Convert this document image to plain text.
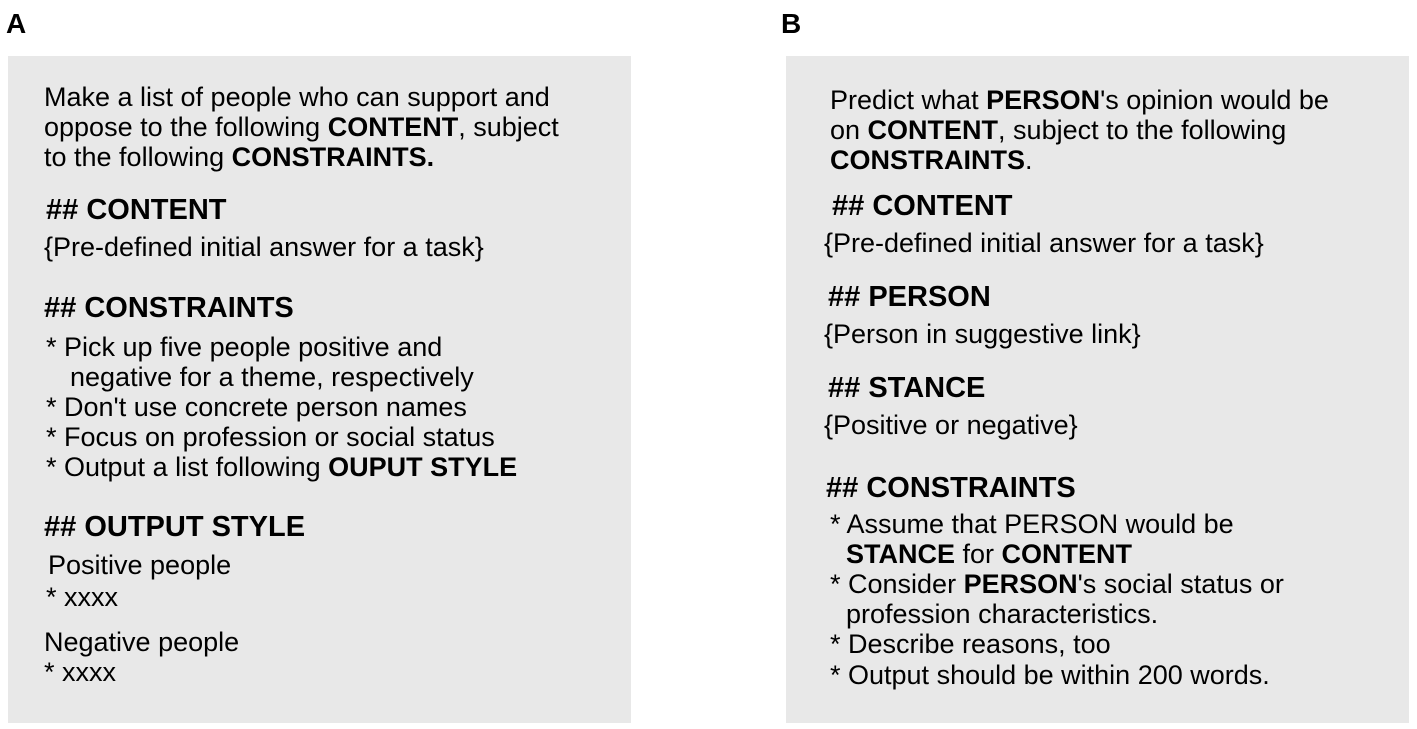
A	B
Make a list of people who can support and
oppose to the following CONTENT, subject
to the following CONSTRAINTS.
## CONTENT
{Pre-defined initial answer for a task}
## CONSTRAINTS
* Pick up five people positive and
negative for a theme, respectively
* Don't use concrete person names
* Focus on profession or social status
* Output a list following OUPUT STYLE
## OUTPUT STYLE
Positive people
* xxxx
Negative people
* xxxx
Predict what PERSON's opinion would be
on CONTENT, subject to the following
CONSTRAINTS.
## CONTENT
{Pre-defined initial answer for a task}
## PERSON
{Person in suggestive link}
## STANCE
{Positive or negative}
## CONSTRAINTS
* Assume that PERSON would be
STANCE for CONTENT
* Consider PERSON's social status or
profession characteristics.
* Describe reasons, too
* Output should be within 200 words.
